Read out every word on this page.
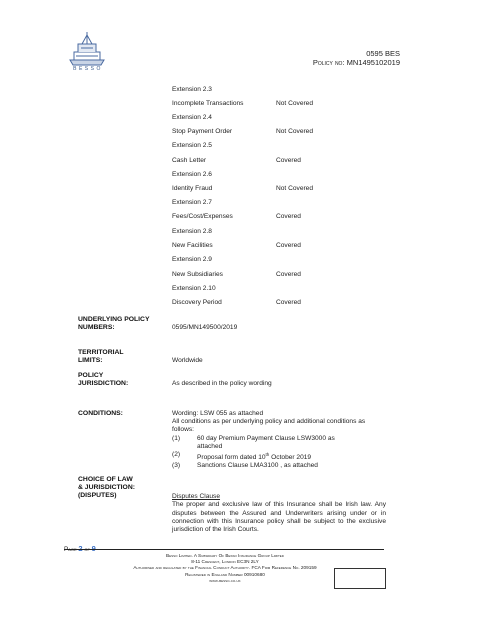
BESSO
0595 BES
Policy no: MN1495102019
Extension 2.3
Incomplete Transactions	Not Covered
Extension 2.4
Stop Payment Order	Not Covered
Extension 2.5
Cash Letter	Covered
Extension 2.6
Identity Fraud	Not Covered
Extension 2.7
Fees/Cost/Expenses	Covered
Extension 2.8
New Facilities	Covered
Extension 2.9
New Subsidiaries	Covered
Extension 2.10
Discovery Period	Covered
UNDERLYING POLICY
NUMBERS:	0595/MN149500/2019
TERRITORIAL
LIMITS:	Worldwide
POLICY
JURISDICTION:	As described in the policy wording
CONDITIONS:	Wording: LSW 055 as attached
All conditions as per underlying policy and additional conditions as follows:
(1)	60 day Premium Payment Clause LSW3000 as
attached
(2)	Proposal form dated 10th October 2019
(3)	Sanctions Clause LMA3100 , as attached
CHOICE OF LAW
& JURISDICTION:
(DISPUTES)	Disputes Clause
The proper and exclusive law of this Insurance shall be Irish law. Any disputes between the Assured and Underwriters arising under or in connection with this Insurance policy shall be subject to the exclusive jurisdiction of the Irish Courts.
Page 2 of 9
Besso Limited. A Subsidiary Of Besso Insurance Group Limited
8-11 Crescent, London EC3N 2LY
Authorised and regulated by the Financial Conduct Authority. FCA Firm Reference No. 209159
Registered in England Number 00910680
www.besso.co.uk
